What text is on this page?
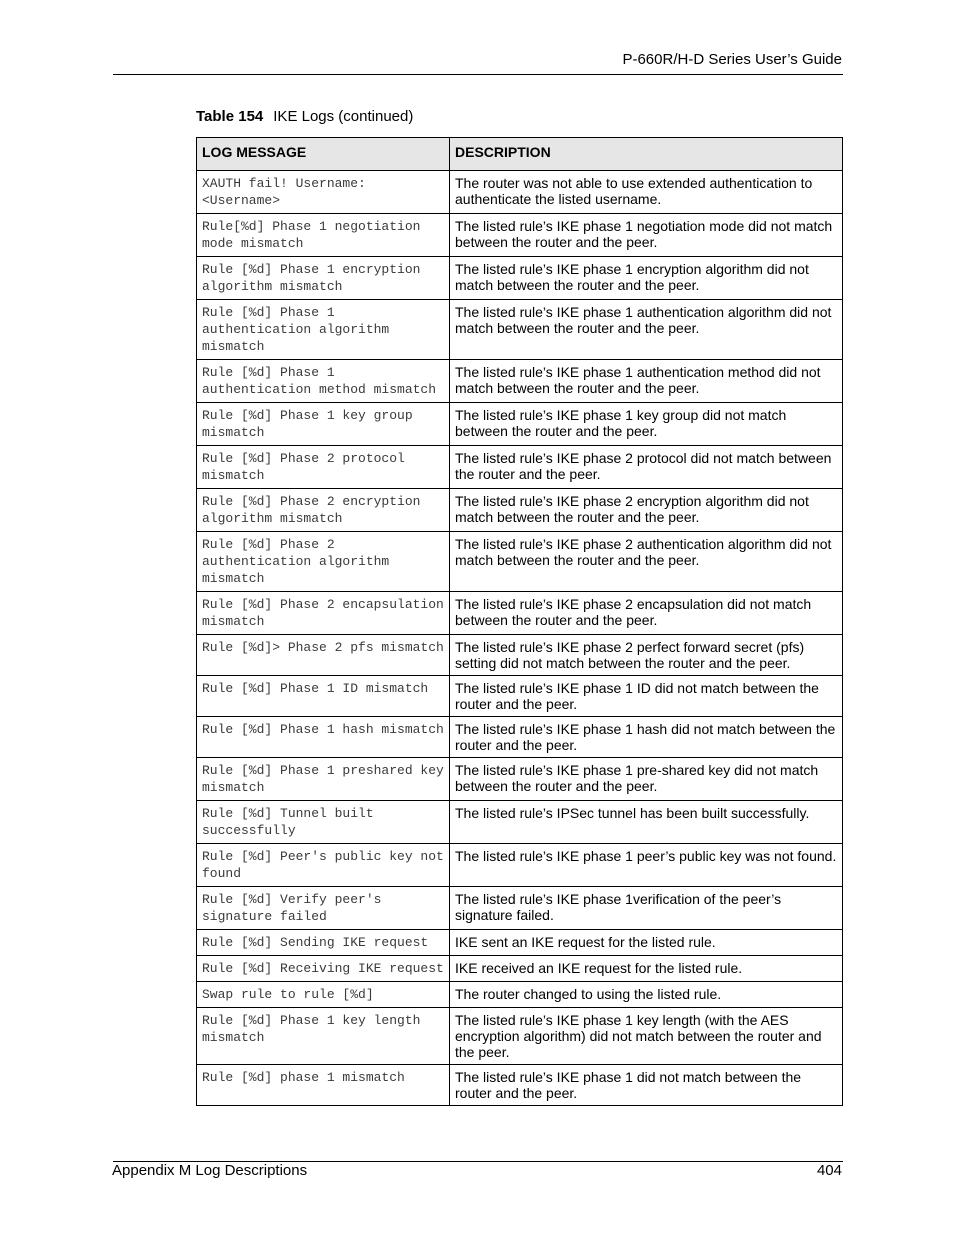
P-660R/H-D Series User’s Guide
Table 154 IKE Logs (continued)
LOG MESSAGE	DESCRIPTION
XAUTH fail! Username: <Username>	The router was not able to use extended authentication to authenticate the listed username.
Rule[%d] Phase 1 negotiation mode mismatch	The listed rule’s IKE phase 1 negotiation mode did not match between the router and the peer.
Rule [%d] Phase 1 encryption algorithm mismatch	The listed rule’s IKE phase 1 encryption algorithm did not match between the router and the peer.
Rule [%d] Phase 1 authentication algorithm mismatch	The listed rule’s IKE phase 1 authentication algorithm did not match between the router and the peer.
Rule [%d] Phase 1 authentication method mismatch	The listed rule’s IKE phase 1 authentication method did not match between the router and the peer.
Rule [%d] Phase 1 key group mismatch	The listed rule’s IKE phase 1 key group did not match between the router and the peer.
Rule [%d] Phase 2 protocol mismatch	The listed rule’s IKE phase 2 protocol did not match between the router and the peer.
Rule [%d] Phase 2 encryption algorithm mismatch	The listed rule’s IKE phase 2 encryption algorithm did not match between the router and the peer.
Rule [%d] Phase 2 authentication algorithm mismatch	The listed rule’s IKE phase 2 authentication algorithm did not match between the router and the peer.
Rule [%d] Phase 2 encapsulation mismatch	The listed rule’s IKE phase 2 encapsulation did not match between the router and the peer.
Rule [%d]> Phase 2 pfs mismatch	The listed rule’s IKE phase 2 perfect forward secret (pfs) setting did not match between the router and the peer.
Rule [%d] Phase 1 ID mismatch	The listed rule’s IKE phase 1 ID did not match between the router and the peer.
Rule [%d] Phase 1 hash mismatch	The listed rule’s IKE phase 1 hash did not match between the router and the peer.
Rule [%d] Phase 1 preshared key mismatch	The listed rule’s IKE phase 1 pre-shared key did not match between the router and the peer.
Rule [%d] Tunnel built successfully	The listed rule’s IPSec tunnel has been built successfully.
Rule [%d] Peer's public key not found	The listed rule’s IKE phase 1 peer’s public key was not found.
Rule [%d] Verify peer's signature failed	The listed rule’s IKE phase 1verification of the peer’s signature failed.
Rule [%d] Sending IKE request	IKE sent an IKE request for the listed rule.
Rule [%d] Receiving IKE request	IKE received an IKE request for the listed rule.
Swap rule to rule [%d]	The router changed to using the listed rule.
Rule [%d] Phase 1 key length mismatch	The listed rule’s IKE phase 1 key length (with the AES encryption algorithm) did not match between the router and the peer.
Rule [%d] phase 1 mismatch	The listed rule’s IKE phase 1 did not match between the router and the peer.
Appendix M Log Descriptions	404
